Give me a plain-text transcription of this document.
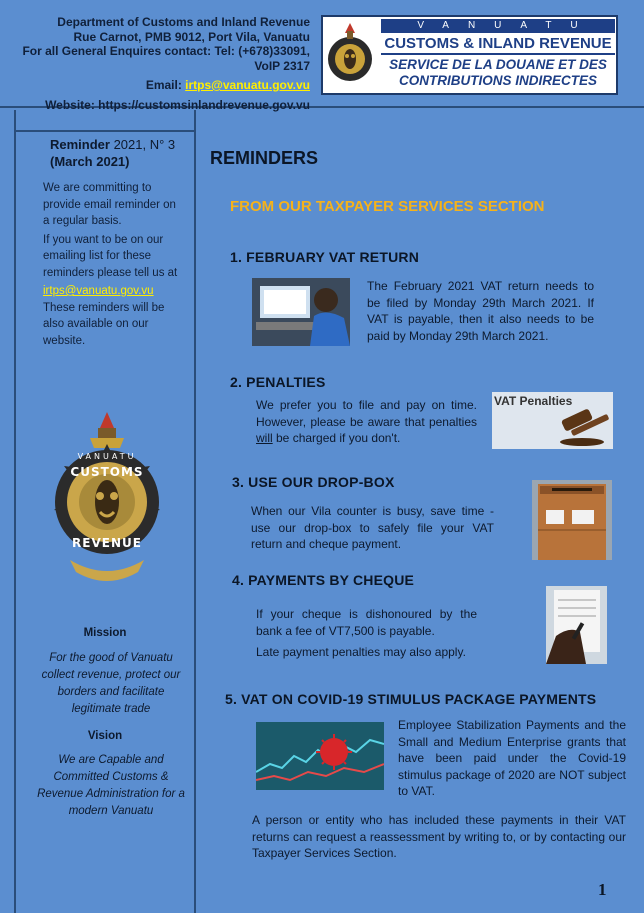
Department of Customs and Inland Revenue
Rue Carnot, PMB 9012, Port Vila, Vanuatu
For all General Enquires contact: Tel: (+678)33091,
VoIP 2317
Email: irtps@vanuatu.gov.vu
Website: https://customsinlandrevenue.gov.vu
VANUATU
CUSTOMS & INLAND REVENUE
SERVICE DE LA DOUANE ET DES
CONTRIBUTIONS INDIRECTES
Reminder 2021, N° 3
(March 2021)

We are committing to provide email reminder on a regular basis.

If you want to be on our emailing list for these reminders please tell us at

irtps@vanuatu.gov.vu

These reminders will be also available on our website.

VANUATU
CUSTOMS
REVENUE
Mission
For the good of Vanuatu collect revenue, protect our borders and facilitate legitimate trade
Vision
We are Capable and Committed Customs & Revenue Administration for a modern Vanuatu
REMINDERS
FROM OUR TAXPAYER SERVICES SECTION
1. FEBRUARY VAT RETURN
The February 2021 VAT return needs to be filed by Monday 29th March 2021. If VAT is payable, then it also needs to be paid by Monday 29th March 2021.
2. PENALTIES
We prefer you to file and pay on time. However, please be aware that penalties will be charged if you don't.
VAT Penalties
3. USE OUR DROP-BOX
When our Vila counter is busy, save time - use our drop-box to safely file your VAT return and cheque payment.
4. PAYMENTS BY CHEQUE
If your cheque is dishonoured by the bank a fee of VT7,500 is payable.
Late payment penalties may also apply.
5. VAT ON COVID-19 STIMULUS PACKAGE PAYMENTS
Employee Stabilization Payments and the Small and Medium Enterprise grants that have been paid under the Covid-19 stimulus package of 2020 are NOT subject to VAT.
A person or entity who has included these payments in their VAT returns can request a reassessment by writing to, or by contacting our Taxpayer Services Section.
1
